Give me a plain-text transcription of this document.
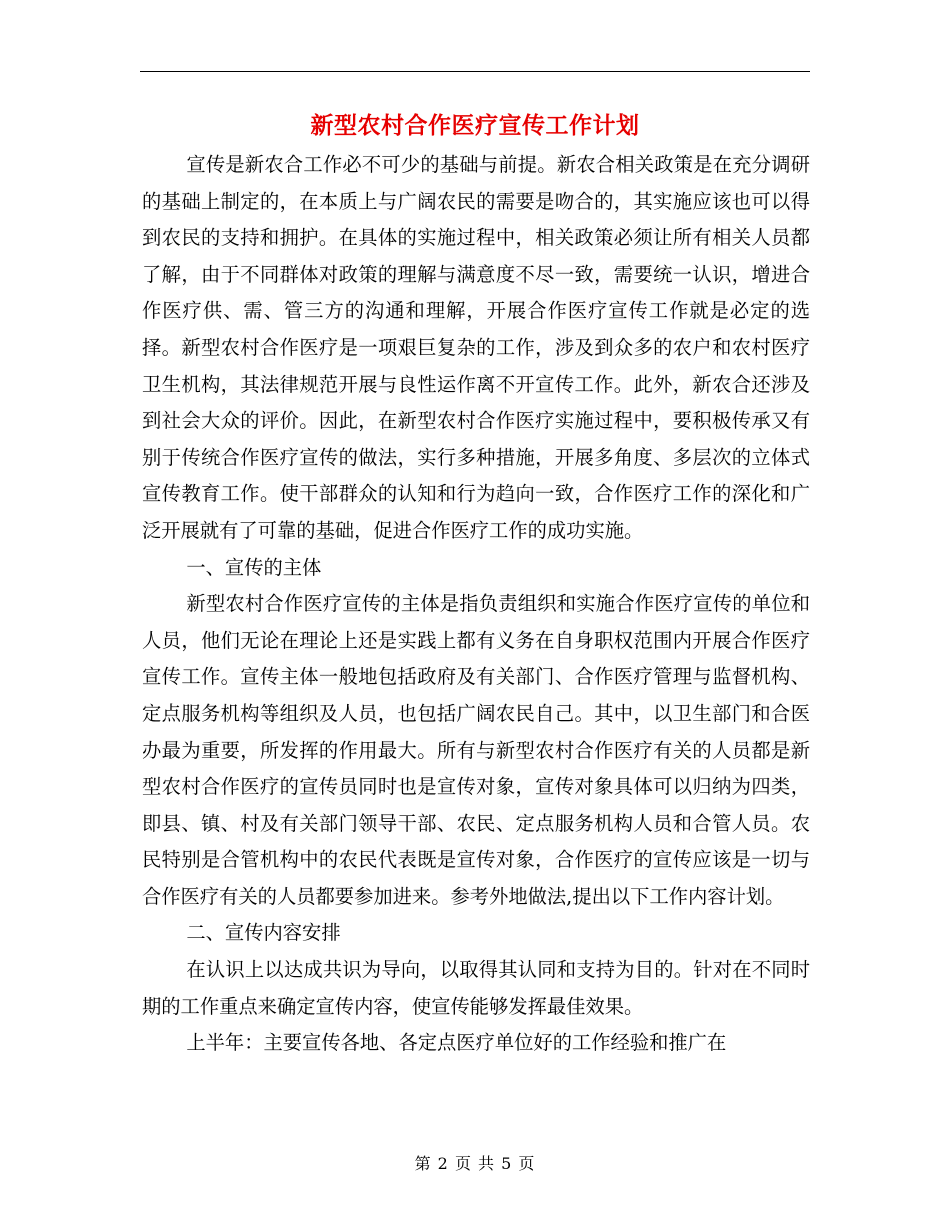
新型农村合作医疗宣传工作计划

宣传是新农合工作必不可少的基础与前提。新农合相关政策是在充分调研的基础上制定的，在本质上与广阔农民的需要是吻合的，其实施应该也可以得到农民的支持和拥护。在具体的实施过程中，相关政策必须让所有相关人员都了解，由于不同群体对政策的理解与满意度不尽一致，需要统一认识，增进合作医疗供、需、管三方的沟通和理解，开展合作医疗宣传工作就是必定的选择。新型农村合作医疗是一项艰巨复杂的工作，涉及到众多的农户和农村医疗卫生机构，其法律规范开展与良性运作离不开宣传工作。此外，新农合还涉及到社会大众的评价。因此，在新型农村合作医疗实施过程中，要积极传承又有别于传统合作医疗宣传的做法，实行多种措施，开展多角度、多层次的立体式宣传教育工作。使干部群众的认知和行为趋向一致，合作医疗工作的深化和广泛开展就有了可靠的基础，促进合作医疗工作的成功实施。

一、宣传的主体

新型农村合作医疗宣传的主体是指负责组织和实施合作医疗宣传的单位和人员，他们无论在理论上还是实践上都有义务在自身职权范围内开展合作医疗宣传工作。宣传主体一般地包括政府及有关部门、合作医疗管理与监督机构、定点服务机构等组织及人员，也包括广阔农民自己。其中，以卫生部门和合医办最为重要，所发挥的作用最大。所有与新型农村合作医疗有关的人员都是新型农村合作医疗的宣传员同时也是宣传对象，宣传对象具体可以归纳为四类，即县、镇、村及有关部门领导干部、农民、定点服务机构人员和合管人员。农民特别是合管机构中的农民代表既是宣传对象，合作医疗的宣传应该是一切与合作医疗有关的人员都要参加进来。参考外地做法,提出以下工作内容计划。

二、宣传内容安排

在认识上以达成共识为导向，以取得其认同和支持为目的。针对在不同时期的工作重点来确定宣传内容，使宣传能够发挥最佳效果。

上半年：主要宣传各地、各定点医疗单位好的工作经验和推广在

第 2 页 共 5 页
